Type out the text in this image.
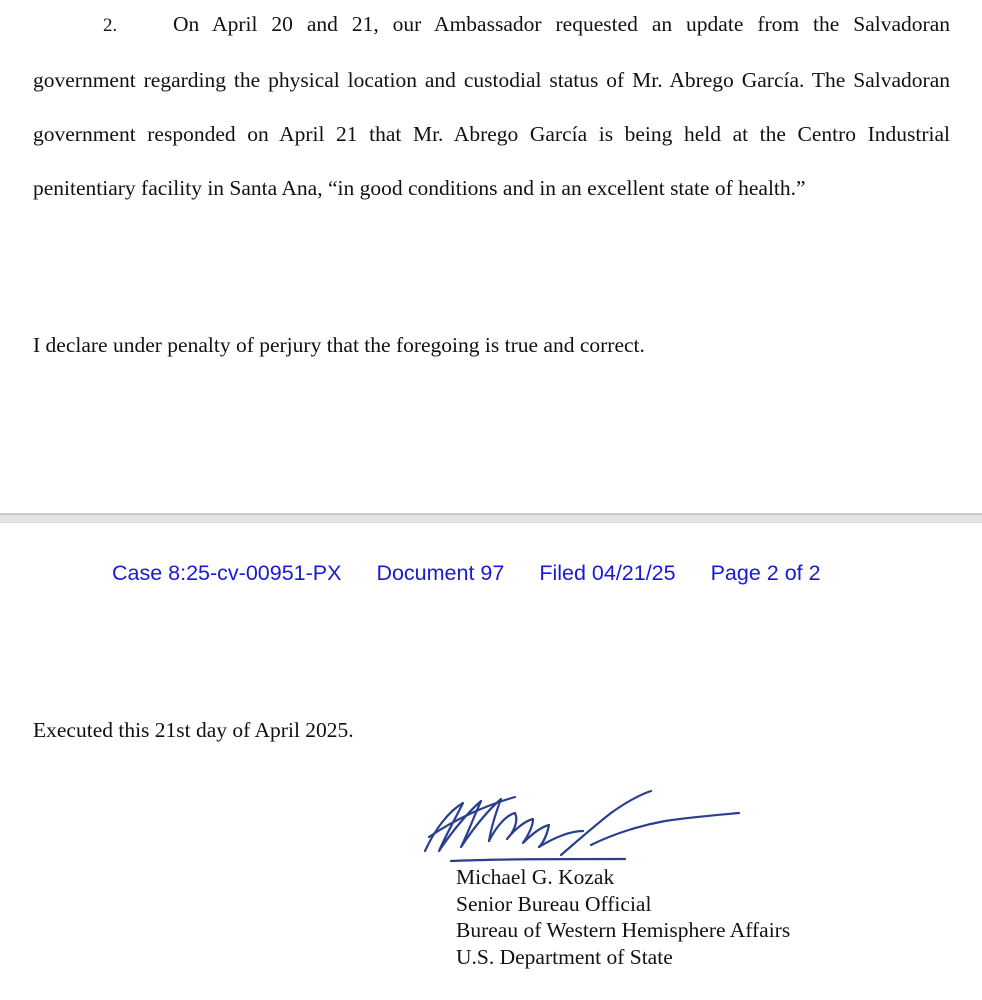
2.	On April 20 and 21, our Ambassador requested an update from the Salvadoran government regarding the physical location and custodial status of Mr. Abrego García. The Salvadoran government responded on April 21 that Mr. Abrego García is being held at the Centro Industrial penitentiary facility in Santa Ana, “in good conditions and in an excellent state of health.”

I declare under penalty of perjury that the foregoing is true and correct.

Case 8:25-cv-00951-PX Document 97 Filed 04/21/25 Page 2 of 2

Executed this 21st day of April 2025.

Michael G. Kozak
Senior Bureau Official
Bureau of Western Hemisphere Affairs
U.S. Department of State
